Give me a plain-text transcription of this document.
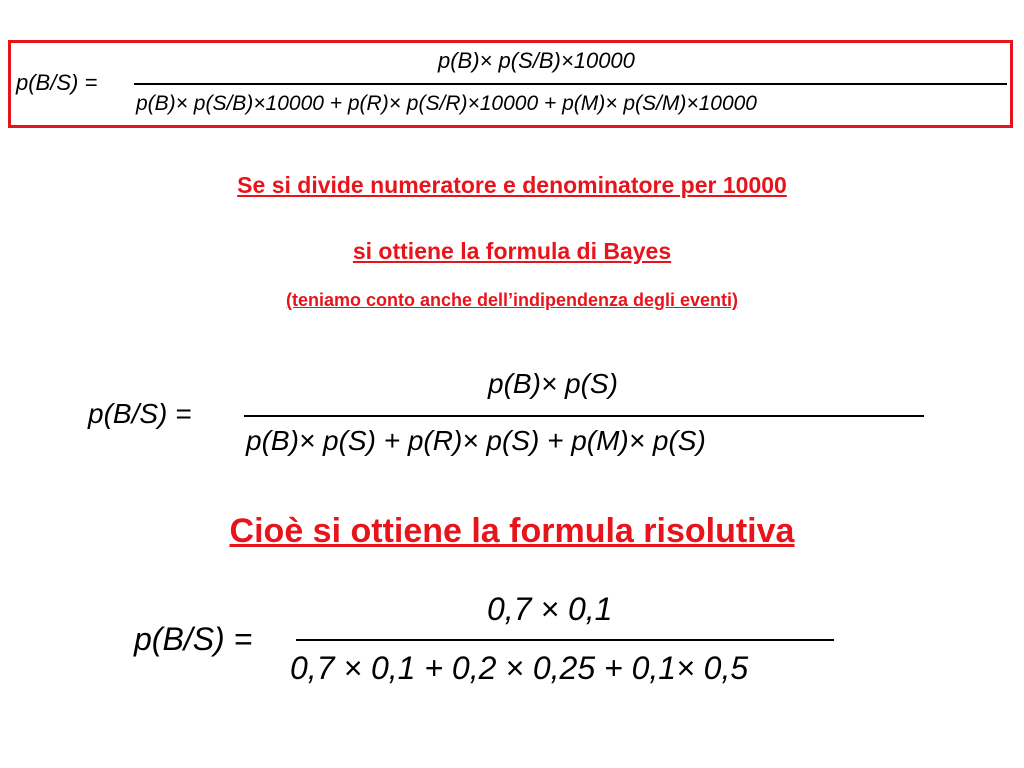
p(B/S) =
p(B)× p(S/B)×10000
p(B)× p(S/B)×10000 + p(R)× p(S/R)×10000 + p(M)× p(S/M)×10000
Se si divide numeratore e denominatore per 10000
si ottiene la formula di Bayes
(teniamo conto anche dell’indipendenza degli eventi)
p(B/S) =
p(B)× p(S)
p(B)× p(S) + p(R)× p(S) + p(M)× p(S)
Cioè si ottiene la formula risolutiva
p(B/S) =
0,7 × 0,1
0,7 × 0,1 + 0,2 × 0,25 + 0,1× 0,5
